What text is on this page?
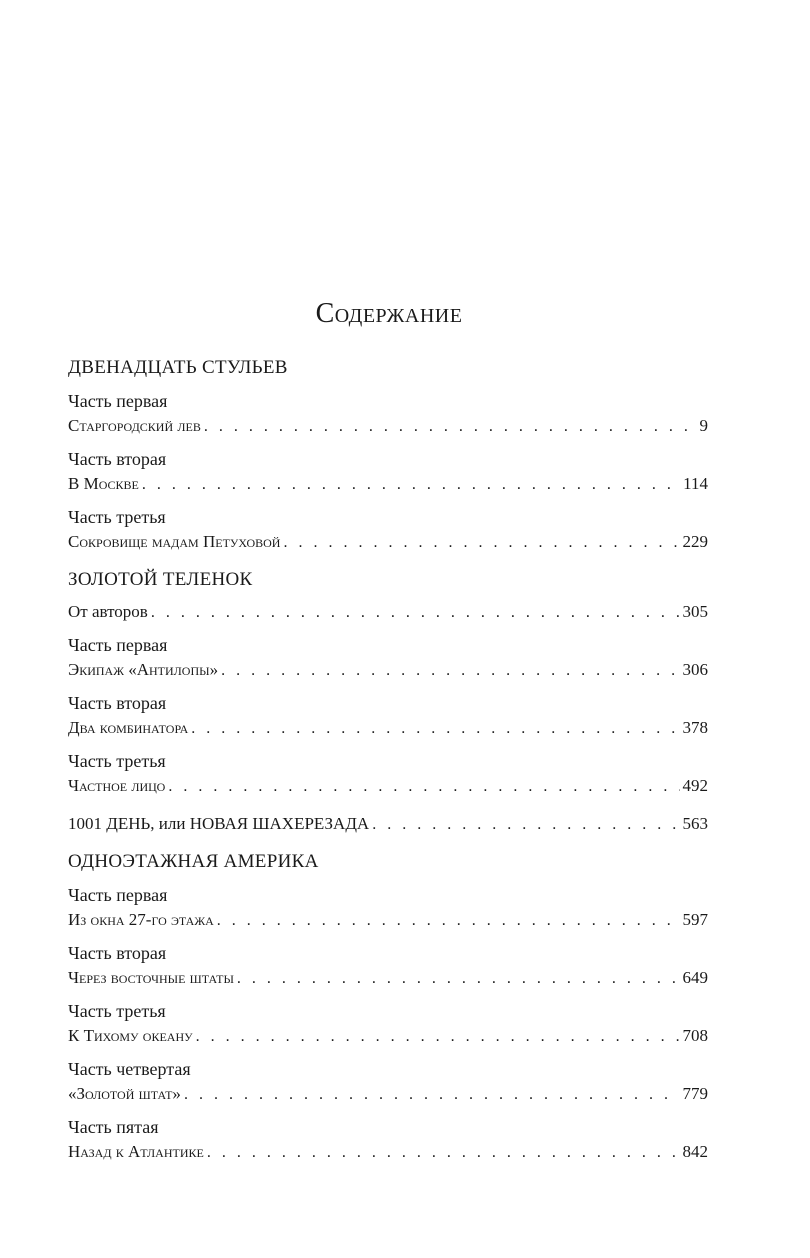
Содержание
ДВЕНАДЦАТЬ СТУЛЬЕВ
Часть первая
Старгородский лев . . .	9
Часть вторая
В Москве . . .	114
Часть третья
Сокровище мадам Петуховой . . .	229
ЗОЛОТОЙ ТЕЛЕНОК
От авторов . . .	305
Часть первая
Экипаж «Антилопы» . . .	306
Часть вторая
Два комбинатора . . .	378
Часть третья
Частное лицо . . .	492
1001 ДЕНЬ, или НОВАЯ ШАХЕРЕЗАДА . . .	563
ОДНОЭТАЖНАЯ АМЕРИКА
Часть первая
Из окна 27-го этажа . . .	597
Часть вторая
Через восточные штаты . . .	649
Часть третья
К Тихому океану . . .	708
Часть четвертая
«Золотой штат» . . .	779
Часть пятая
Назад к Атлантике . . .	842
